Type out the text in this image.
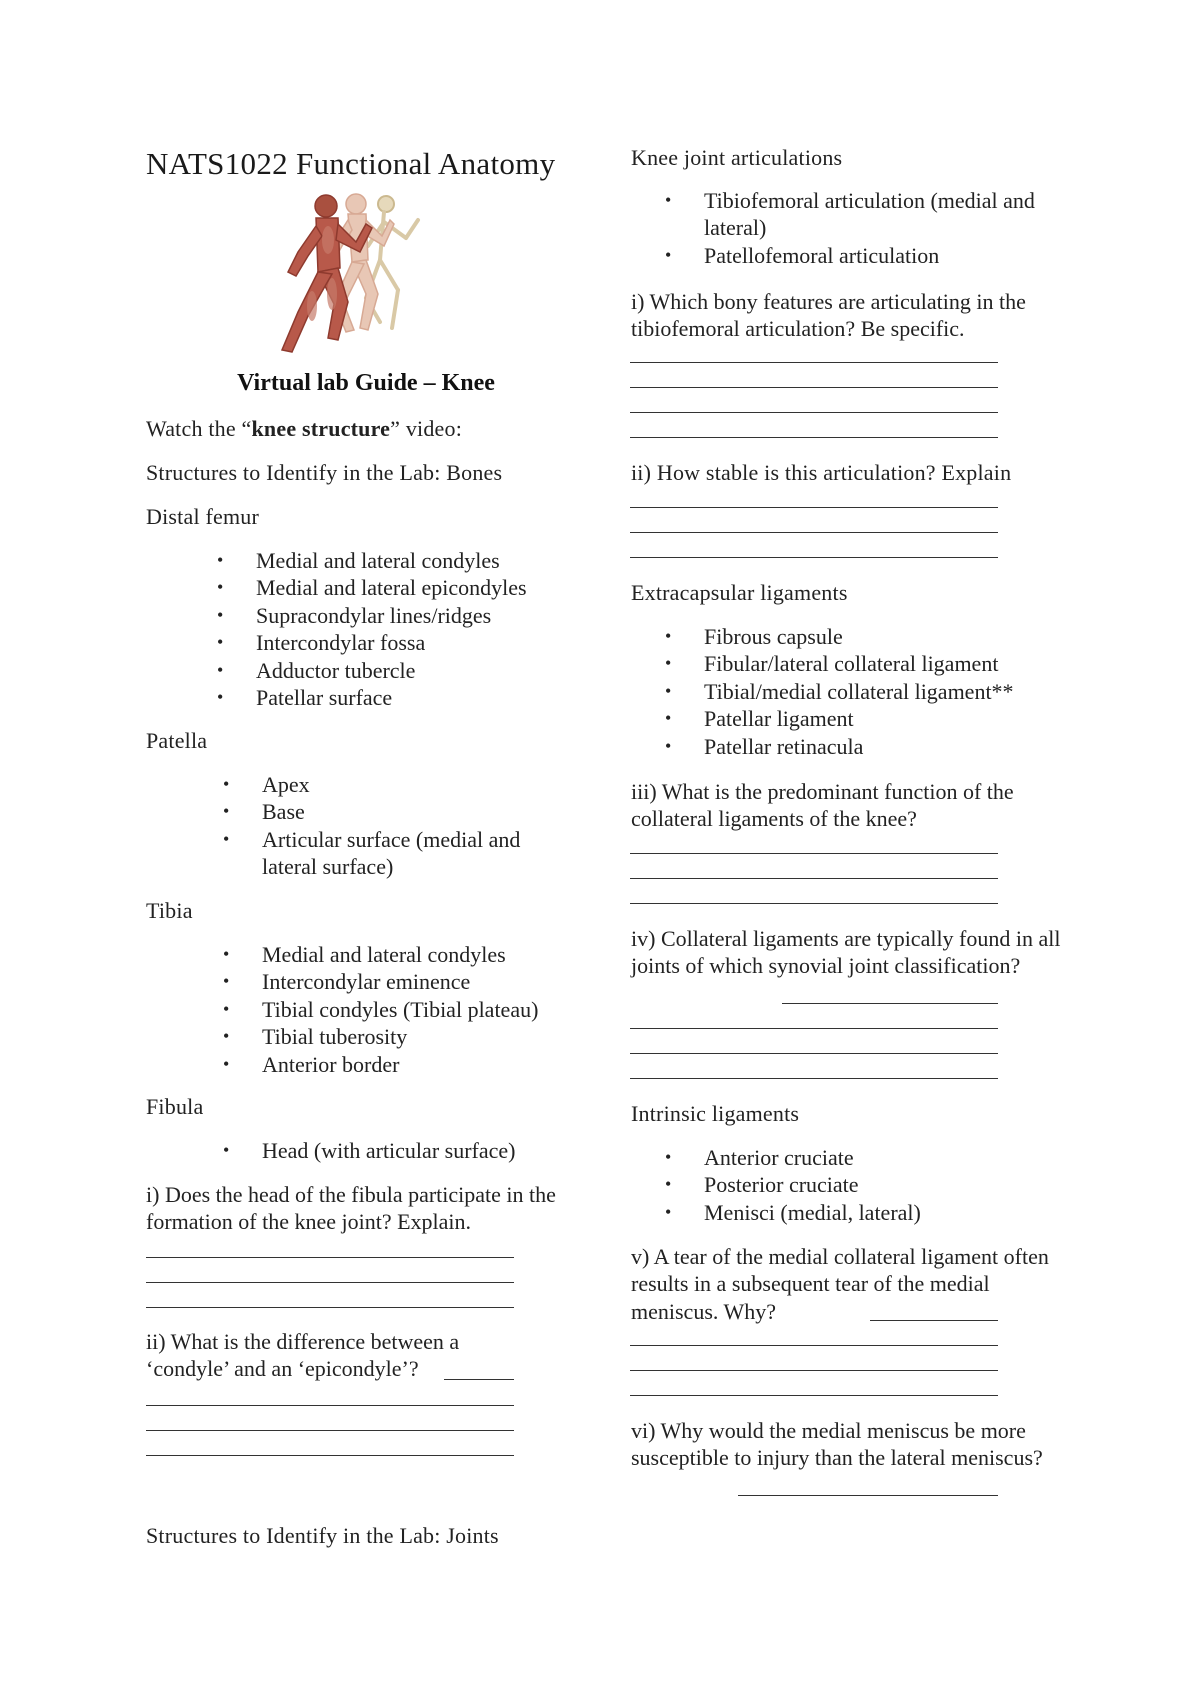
NATS1022 Functional Anatomy
Virtual lab Guide – Knee
Watch the “knee structure” video:
Structures to Identify in the Lab: Bones
Distal femur
• Medial and lateral condyles
• Medial and lateral epicondyles
• Supracondylar lines/ridges
• Intercondylar fossa
• Adductor tubercle
• Patellar surface
Patella
• Apex
• Base
• Articular surface (medial and lateral surface)
Tibia
• Medial and lateral condyles
• Intercondylar eminence
• Tibial condyles (Tibial plateau)
• Tibial tuberosity
• Anterior border
Fibula
• Head (with articular surface)
i) Does the head of the fibula participate in the formation of the knee joint? Explain.
ii) What is the difference between a ‘condyle’ and an ‘epicondyle’?
Structures to Identify in the Lab: Joints
Knee joint articulations
• Tibiofemoral articulation (medial and lateral)
• Patellofemoral articulation
i) Which bony features are articulating in the tibiofemoral articulation? Be specific.
ii) How stable is this articulation? Explain
Extracapsular ligaments
• Fibrous capsule
• Fibular/lateral collateral ligament
• Tibial/medial collateral ligament**
• Patellar ligament
• Patellar retinacula
iii) What is the predominant function of the collateral ligaments of the knee?
iv) Collateral ligaments are typically found in all joints of which synovial joint classification?
Intrinsic ligaments
• Anterior cruciate
• Posterior cruciate
• Menisci (medial, lateral)
v) A tear of the medial collateral ligament often results in a subsequent tear of the medial meniscus. Why?
vi) Why would the medial meniscus be more susceptible to injury than the lateral meniscus?
